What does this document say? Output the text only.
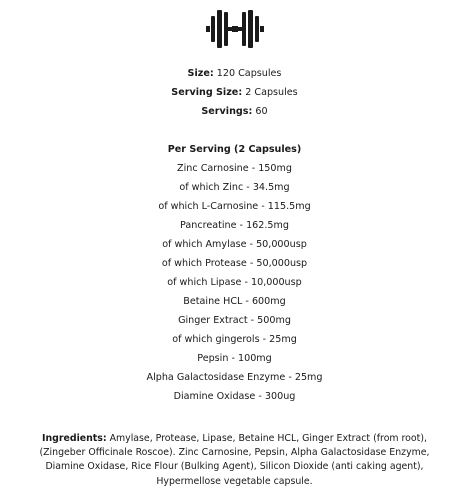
Size: 120 Capsules
Serving Size: 2 Capsules
Servings: 60
Per Serving (2 Capsules)
Zinc Carnosine - 150mg
of which Zinc - 34.5mg
of which L-Carnosine - 115.5mg
Pancreatine - 162.5mg
of which Amylase - 50,000usp
of which Protease - 50,000usp
of which Lipase - 10,000usp
Betaine HCL - 600mg
Ginger Extract - 500mg
of which gingerols - 25mg
Pepsin - 100mg
Alpha Galactosidase Enzyme - 25mg
Diamine Oxidase - 300ug
Ingredients: Amylase, Protease, Lipase, Betaine HCL, Ginger Extract (from root), (Zingeber Officinale Roscoe). Zinc Carnosine, Pepsin, Alpha Galactosidase Enzyme, Diamine Oxidase, Rice Flour (Bulking Agent), Silicon Dioxide (anti caking agent), Hypermellose vegetable capsule.
